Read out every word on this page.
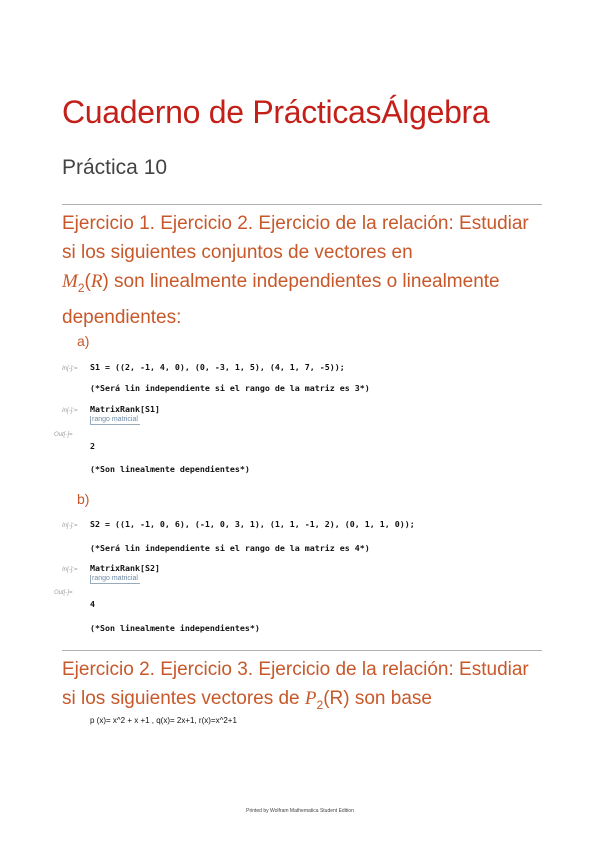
Cuaderno de PrácticasÁlgebra
Práctica 10
Ejercicio 1. Ejercicio 2. Ejercicio de la relación: Estudiar
si los siguientes conjuntos de vectores en
$M_2(R)$ son linealmente independientes o linealmente
dependientes:
a)
In[-]:= S1 = ((2, -1, 4, 0), (0, -3, 1, 5), (4, 1, 7, -5));
(*Será lin independiente si el rango de la matriz es 3*)
In[-]:= MatrixRank[S1]
rango matricial
Out[-]=
2
(*Son linealmente dependientes*)
b)
In[-]:= S2 = ((1, -1, 0, 6), (-1, 0, 3, 1), (1, 1, -1, 2), (0, 1, 1, 0));
(*Será lin independiente si el rango de la matriz es 4*)
In[-]:= MatrixRank[S2]
rango matricial
Out[-]=
4
(*Son linealmente independientes*)
Ejercicio 2. Ejercicio 3. Ejercicio de la relación: Estudiar
si los siguientes vectores de $P_2(R)$ son base
p (x)= x^2 + x +1 , q(x)= 2x+1, r(x)=x^2+1
Printed by Wolfram Mathematica Student Edition
